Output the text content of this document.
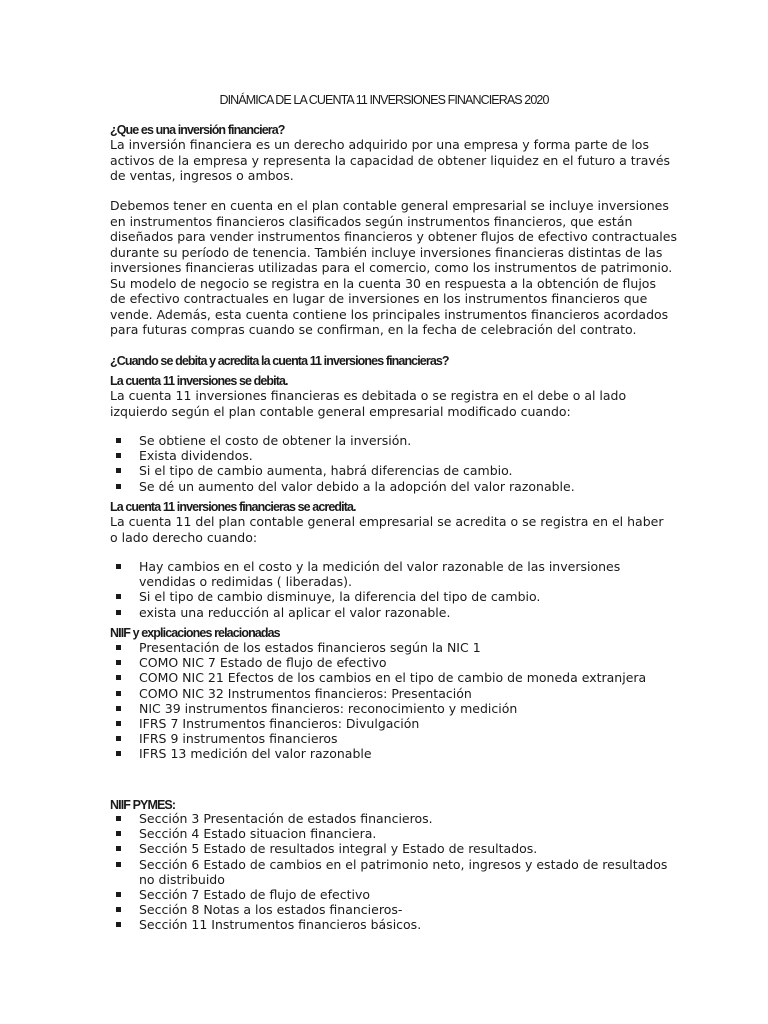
DINÁMICA DE LA CUENTA 11 INVERSIONES FINANCIERAS 2020
¿Que es una inversión financiera?
La inversión financiera es un derecho adquirido por una empresa y forma parte de los
activos de la empresa y representa la capacidad de obtener liquidez en el futuro a través
de ventas, ingresos o ambos.
Debemos tener en cuenta en el plan contable general empresarial se incluye inversiones
en instrumentos financieros clasificados según instrumentos financieros, que están
diseñados para vender instrumentos financieros y obtener flujos de efectivo contractuales
durante su período de tenencia. También incluye inversiones financieras distintas de las
inversiones financieras utilizadas para el comercio, como los instrumentos de patrimonio.
Su modelo de negocio se registra en la cuenta 30 en respuesta a la obtención de flujos
de efectivo contractuales en lugar de inversiones en los instrumentos financieros que
vende. Además, esta cuenta contiene los principales instrumentos financieros acordados
para futuras compras cuando se confirman, en la fecha de celebración del contrato.
¿Cuando se debita y acredita la cuenta 11 inversiones financieras?
La cuenta 11 inversiones se debita.
La cuenta 11 inversiones financieras es debitada o se registra en el debe o al lado
izquierdo según el plan contable general empresarial modificado cuando:
Se obtiene el costo de obtener la inversión.
Exista dividendos.
Si el tipo de cambio aumenta, habrá diferencias de cambio.
Se dé un aumento del valor debido a la adopción del valor razonable.
La cuenta 11 inversiones financieras se acredita.
La cuenta 11 del plan contable general empresarial se acredita o se registra en el haber
o lado derecho cuando:
Hay cambios en el costo y la medición del valor razonable de las inversiones
vendidas o redimidas ( liberadas).
Si el tipo de cambio disminuye, la diferencia del tipo de cambio.
exista una reducción al aplicar el valor razonable.
NIIF y explicaciones relacionadas
Presentación de los estados financieros según la NIC 1
COMO NIC 7 Estado de flujo de efectivo
COMO NIC 21 Efectos de los cambios en el tipo de cambio de moneda extranjera
COMO NIC 32 Instrumentos financieros: Presentación
NIC 39 instrumentos financieros: reconocimiento y medición
IFRS 7 Instrumentos financieros: Divulgación
IFRS 9 instrumentos financieros
IFRS 13 medición del valor razonable
NIIF PYMES:
Sección 3 Presentación de estados financieros.
Sección 4 Estado situacion financiera.
Sección 5 Estado de resultados integral y Estado de resultados.
Sección 6 Estado de cambios en el patrimonio neto, ingresos y estado de resultados
no distribuido
Sección 7 Estado de flujo de efectivo
Sección 8 Notas a los estados financieros-
Sección 11 Instrumentos financieros básicos.
